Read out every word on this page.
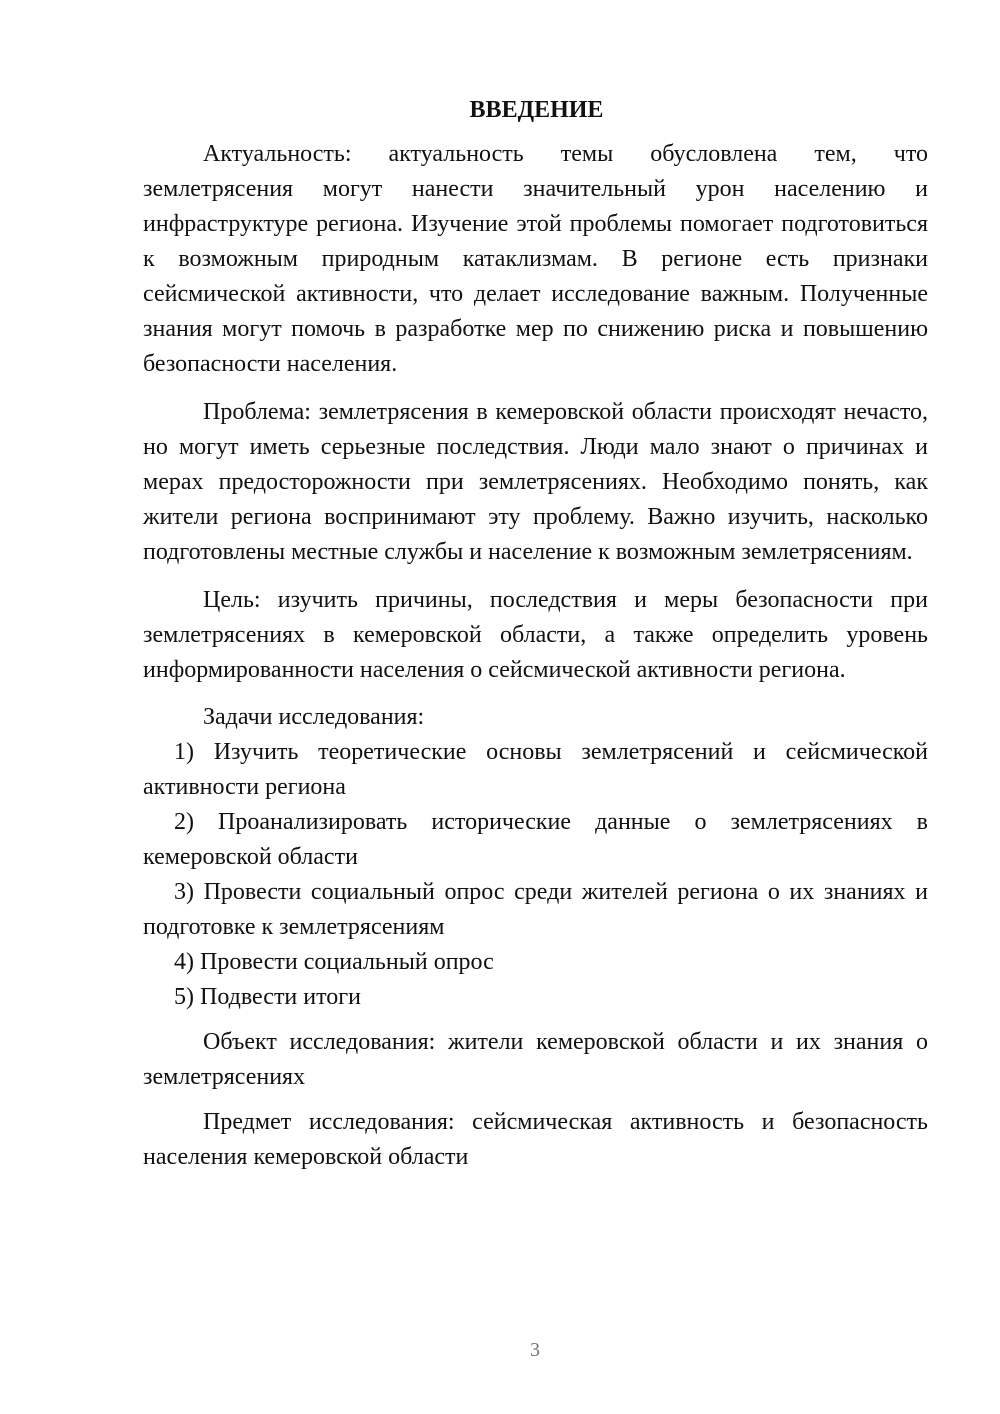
ВВЕДЕНИЕ

Актуальность: актуальность темы обусловлена тем, что землетрясения могут нанести значительный урон населению и инфраструктуре региона. Изучение этой проблемы помогает подготовиться к возможным природным катаклизмам. В регионе есть признаки сейсмической активности, что делает исследование важным. Полученные знания могут помочь в разработке мер по снижению риска и повышению безопасности населения.

Проблема: землетрясения в кемеровской области происходят нечасто, но могут иметь серьезные последствия. Люди мало знают о причинах и мерах предосторожности при землетрясениях. Необходимо понять, как жители региона воспринимают эту проблему. Важно изучить, насколько подготовлены местные службы и население к возможным землетрясениям.

Цель: изучить причины, последствия и меры безопасности при землетрясениях в кемеровской области, а также определить уровень информированности населения о сейсмической активности региона.

Задачи исследования:

1) Изучить теоретические основы землетрясений и сейсмической активности региона

2) Проанализировать исторические данные о землетрясениях в кемеровской области

3) Провести социальный опрос среди жителей региона о их знаниях и подготовке к землетрясениям

4) Провести социальный опрос

5) Подвести итоги

Объект исследования: жители кемеровской области и их знания о землетрясениях

Предмет исследования: сейсмическая активность и безопасность населения кемеровской области

3
